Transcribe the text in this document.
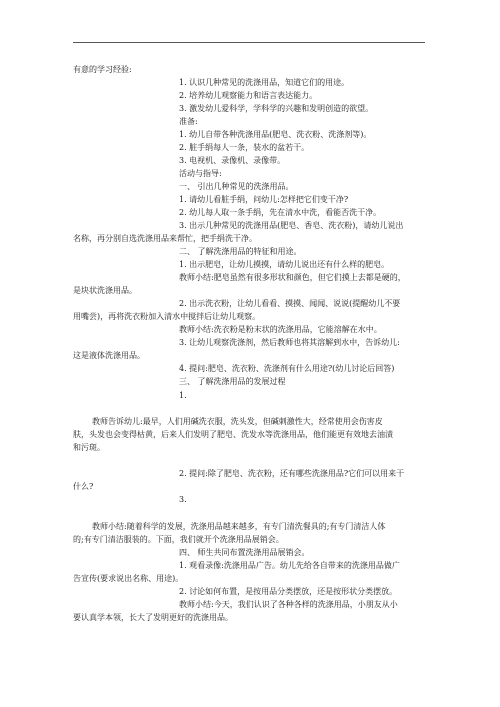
有意的学习经验:

1. 认识几种常见的洗涤用品，知道它们的用途。

2. 培养幼儿观察能力和语言表达能力。

3. 激发幼儿爱科学，学科学的兴趣和发明创造的欲望。

准备:

1. 幼儿自带各种洗涤用品(肥皂、洗衣粉、洗涤剂等)。

2. 脏手绢每人一条，装水的盆若干。

3. 电视机、录像机、录像带。

活动与指导:

一、 引出几种常见的洗涤用品。

1. 请幼儿看脏手绢，问幼儿:怎样把它们变干净?

2. 幼儿每人取一条手绢，先在清水中洗，看能否洗干净。

3. 出示几种常见的洗涤用品(肥皂、香皂、洗衣粉)，请幼儿说出

名称，再分别自选洗涤用品来帮忙，把手绢洗干净。

二、 了解洗涤用品的特征和用途。

1. 出示肥皂，让幼儿摸摸，请幼儿说出还有什么样的肥皂。

教师小结:肥皂虽然有很多形状和颜色，但它们摸上去都是硬的，

是块状洗涤用品。

2. 出示洗衣粉，让幼儿看看、摸摸、闻闻、说说(提醒幼儿不要

用嘴尝)，再将洗衣粉加入清水中搅拌后让幼儿观察。

教师小结:洗衣粉是粉末状的洗涤用品，它能溶解在水中。

3. 让幼儿观察洗涤剂，然后教师也将其溶解到水中，告诉幼儿:

这是液体洗涤用品。

4. 提问:肥皂、洗衣粉、洗涤剂有什么用途?(幼儿讨论后回答)

三、 了解洗涤用品的发展过程

1.

教师告诉幼儿:最早，人们用碱洗衣服，洗头发，但碱刺激性大，经常使用会伤害皮

肤，头发也会变得枯黄，后来人们发明了肥皂、洗发水等洗涤用品，他们能更有效地去油渍

和污斑。

2. 提问:除了肥皂、洗衣粉，还有哪些洗涤用品?它们可以用来干

什么?

3.

教师小结:随着科学的发展，洗涤用品越来越多，有专门清洗餐具的;有专门清洁人体

的;有专门清洁服装的。下面，我们就开个洗涤用品展销会。

四、 师生共同布置洗涤用品展销会。

1. 观看录像:洗涤用品广告。幼儿先给各自带来的洗涤用品做广

告宣传(要求说出名称、用途)。

2. 讨论如何布置，是按用品分类摆放，还是按形状分类摆放。

教师小结:今天，我们认识了各种各样的洗涤用品，小朋友从小

要认真学本领，长大了发明更好的洗涤用品。
